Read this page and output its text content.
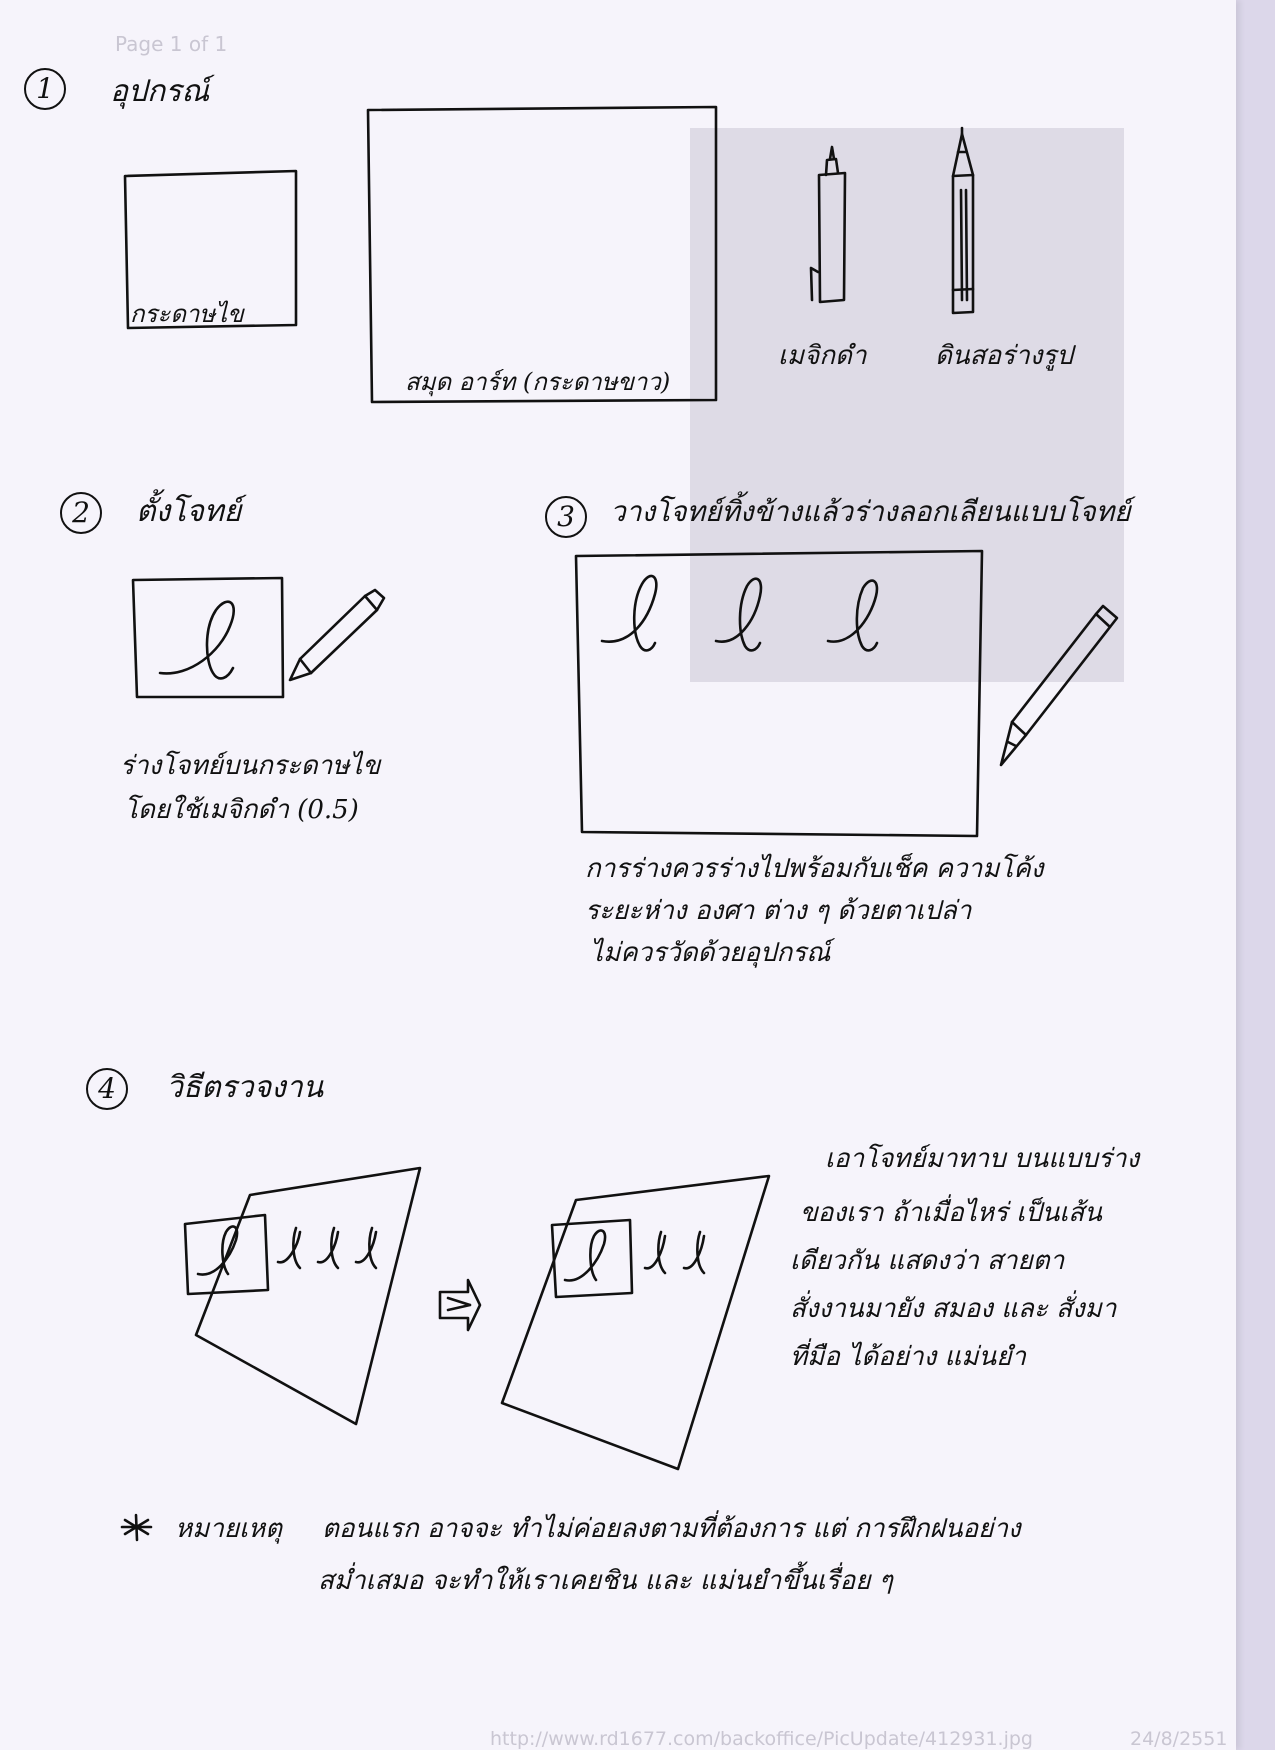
Page 1 of 1
http://www.rd1677.com/backoffice/PicUpdate/412931.jpg	24/8/2551
1	อุปกรณ์
กระดาษไข
สมุด อาร์ท (กระดาษขาว)
เมจิกดำ	ดินสอร่างรูป
2	ตั้งโจทย์
ร่างโจทย์บนกระดาษไข
โดยใช้เมจิกดำ (0.5)
3	วางโจทย์ทิ้งข้างแล้วร่างลอกเลียนแบบโจทย์
การร่างควรร่างไปพร้อมกับเช็ค ความโค้ง
ระยะห่าง องศา ต่าง ๆ ด้วยตาเปล่า
ไม่ควรวัดด้วยอุปกรณ์
4	วิธีตรวจงาน
เอาโจทย์มาทาบ บนแบบร่าง
ของเรา ถ้าเมื่อไหร่ เป็นเส้น
เดียวกัน แสดงว่า สายตา
สั่งงานมายัง สมอง และ สั่งมา
ที่มือ ได้อย่าง แม่นยำ
หมายเหตุ ตอนแรก อาจจะ ทำไม่ค่อยลงตามที่ต้องการ แต่ การฝึกฝนอย่าง
สม่ำเสมอ จะทำให้เราเคยชิน และ แม่นยำขึ้นเรื่อย ๆ
